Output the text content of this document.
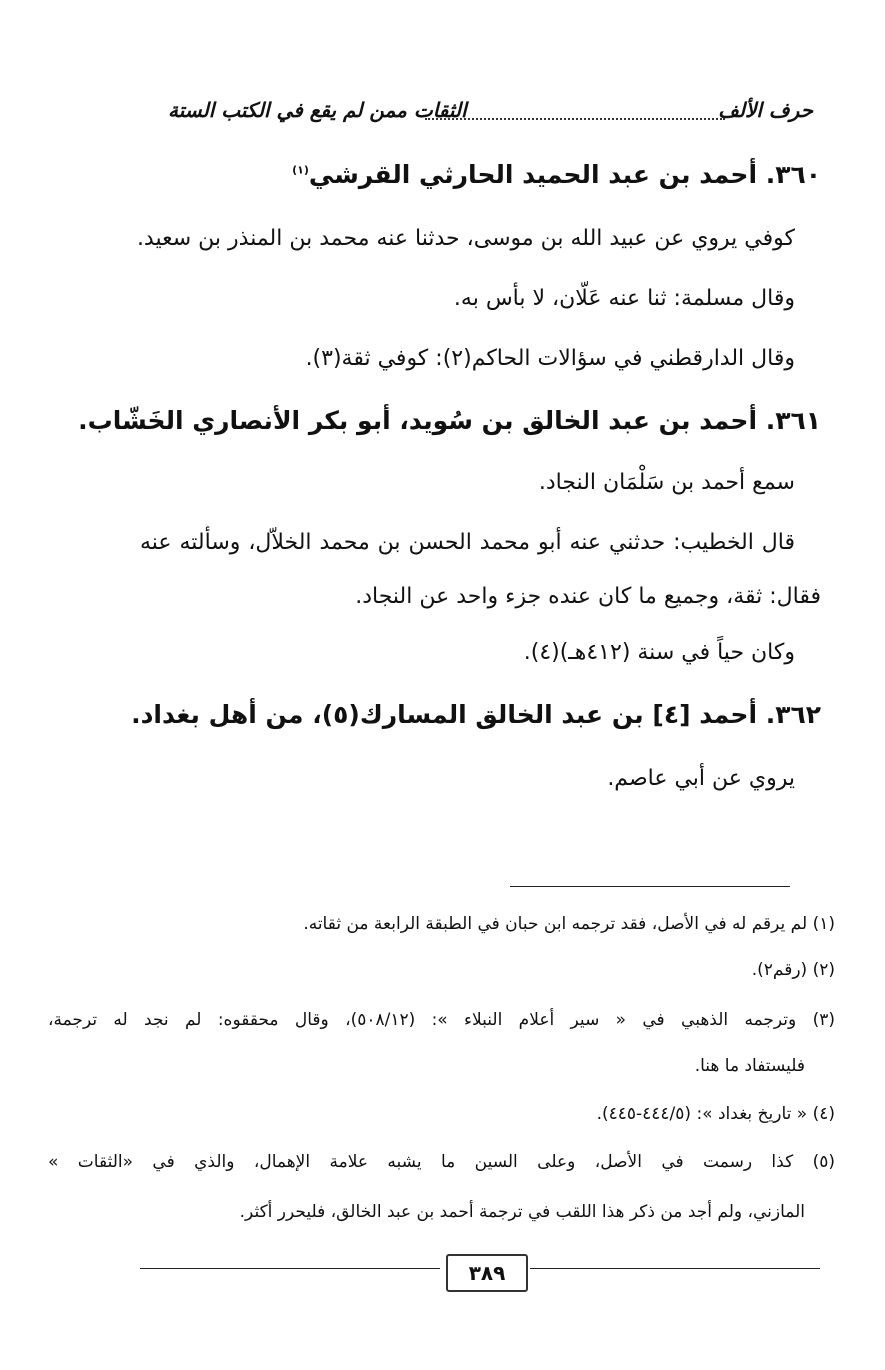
حرف الألف
الثقات ممن لم يقع في الكتب الستة
٣٦٠. أحمد بن عبد الحميد الحارثي القرشي$^{(١)}$
كوفي يروي عن عبيد الله بن موسى، حدثنا عنه محمد بن المنذر بن سعيد.
وقال مسلمة: ثنا عنه عَلّان، لا بأس به.
وقال الدارقطني في سؤالات الحاكم(٢): كوفي ثقة(٣).
٣٦١. أحمد بن عبد الخالق بن سُويد، أبو بكر الأنصاري الخَشّاب.
سمع أحمد بن سَلْمَان النجاد.
قال الخطيب: حدثني عنه أبو محمد الحسن بن محمد الخلاّل، وسألته عنه
فقال: ثقة، وجميع ما كان عنده جزء واحد عن النجاد.
وكان حياً في سنة (٤١٢هـ)(٤).
٣٦٢. أحمد [٤] بن عبد الخالق المسارك(٥)، من أهل بغداد.
يروي عن أبي عاصم.
(١) لم يرقم له في الأصل، فقد ترجمه ابن حبان في الطبقة الرابعة من ثقاته.
(٢) (رقم٢).
(٣) وترجمه الذهبي في « سير أعلام النبلاء »: (٥٠٨/١٢)، وقال محققوه: لم نجد له ترجمة،
فليستفاد ما هنا.
(٤) « تاريخ بغداد »: (٤٤٤/٥-٤٤٥).
(٥) كذا رسمت في الأصل، وعلى السين ما يشبه علامة الإهمال، والذي في «الثقات »
المازني، ولم أجد من ذكر هذا اللقب في ترجمة أحمد بن عبد الخالق، فليحرر أكثر.
٣٨٩
